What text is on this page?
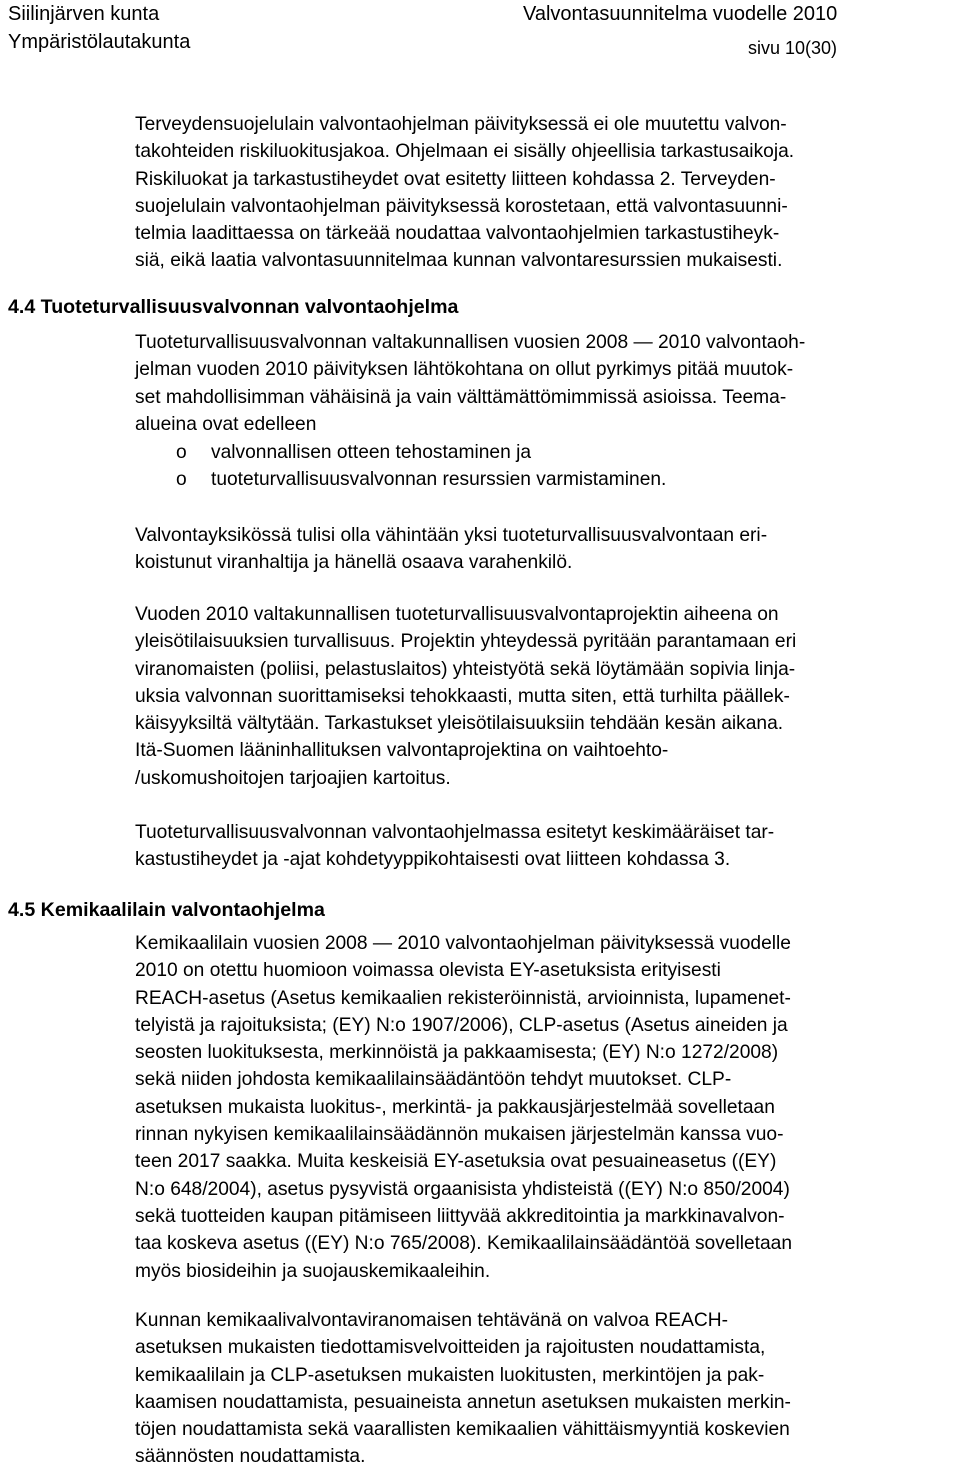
Siilinjärven kunta
Ympäristölautakunta
Valvontasuunnitelma vuodelle 2010
sivu 10(30)
Terveydensuojelulain valvontaohjelman päivityksessä ei ole muutettu valvon-
takohteiden riskiluokitusjakoa. Ohjelmaan ei sisälly ohjeellisia tarkastusaikoja.
Riskiluokat ja tarkastustiheydet ovat esitetty liitteen kohdassa 2. Terveyden-
suojelulain valvontaohjelman päivityksessä korostetaan, että valvontasuunni-
telmia laadittaessa on tärkeää noudattaa valvontaohjelmien tarkastustiheyk-
siä, eikä laatia valvontasuunnitelmaa kunnan valvontaresurssien mukaisesti.
4.4 Tuoteturvallisuusvalvonnan valvontaohjelma
Tuoteturvallisuusvalvonnan valtakunnallisen vuosien 2008 — 2010 valvontaoh-
jelman vuoden 2010 päivityksen lähtökohtana on ollut pyrkimys pitää muutok-
set mahdollisimman vähäisinä ja vain välttämättömimmissä asioissa. Teema-
alueina ovat edelleen
o valvonnallisen otteen tehostaminen ja
o tuoteturvallisuusvalvonnan resurssien varmistaminen.
Valvontayksikössä tulisi olla vähintään yksi tuoteturvallisuusvalvontaan eri-
koistunut viranhaltija ja hänellä osaava varahenkilö.
Vuoden 2010 valtakunnallisen tuoteturvallisuusvalvontaprojektin aiheena on
yleisötilaisuuksien turvallisuus. Projektin yhteydessä pyritään parantamaan eri
viranomaisten (poliisi, pelastuslaitos) yhteistyötä sekä löytämään sopivia linja-
uksia valvonnan suorittamiseksi tehokkaasti, mutta siten, että turhilta päällek-
käisyyksiltä vältytään. Tarkastukset yleisötilaisuuksiin tehdään kesän aikana.
Itä-Suomen lääninhallituksen valvontaprojektina on vaihtoehto-
/uskomushoitojen tarjoajien kartoitus.
Tuoteturvallisuusvalvonnan valvontaohjelmassa esitetyt keskimääräiset tar-
kastustiheydet ja -ajat kohdetyyppikohtaisesti ovat liitteen kohdassa 3.
4.5 Kemikaalilain valvontaohjelma
Kemikaalilain vuosien 2008 — 2010 valvontaohjelman päivityksessä vuodelle
2010 on otettu huomioon voimassa olevista EY-asetuksista erityisesti
REACH-asetus (Asetus kemikaalien rekisteröinnistä, arvioinnista, lupamenet-
telyistä ja rajoituksista; (EY) N:o 1907/2006), CLP-asetus (Asetus aineiden ja
seosten luokituksesta, merkinnöistä ja pakkaamisesta; (EY) N:o 1272/2008)
sekä niiden johdosta kemikaalilainsäädäntöön tehdyt muutokset. CLP-
asetuksen mukaista luokitus-, merkintä- ja pakkausjärjestelmää sovelletaan
rinnan nykyisen kemikaalilainsäädännön mukaisen järjestelmän kanssa vuo-
teen 2017 saakka. Muita keskeisiä EY-asetuksia ovat pesuaineasetus ((EY)
N:o 648/2004), asetus pysyvistä orgaanisista yhdisteistä ((EY) N:o 850/2004)
sekä tuotteiden kaupan pitämiseen liittyvää akkreditointia ja markkinavalvon-
taa koskeva asetus ((EY) N:o 765/2008). Kemikaalilainsäädäntöä sovelletaan
myös biosideihin ja suojauskemikaaleihin.
Kunnan kemikaalivalvontaviranomaisen tehtävänä on valvoa REACH-
asetuksen mukaisten tiedottamisvelvoitteiden ja rajoitusten noudattamista,
kemikaalilain ja CLP-asetuksen mukaisten luokitusten, merkintöjen ja pak-
kaamisen noudattamista, pesuaineista annetun asetuksen mukaisten merkin-
töjen noudattamista sekä vaarallisten kemikaalien vähittäismyyntiä koskevien
säännösten noudattamista.
